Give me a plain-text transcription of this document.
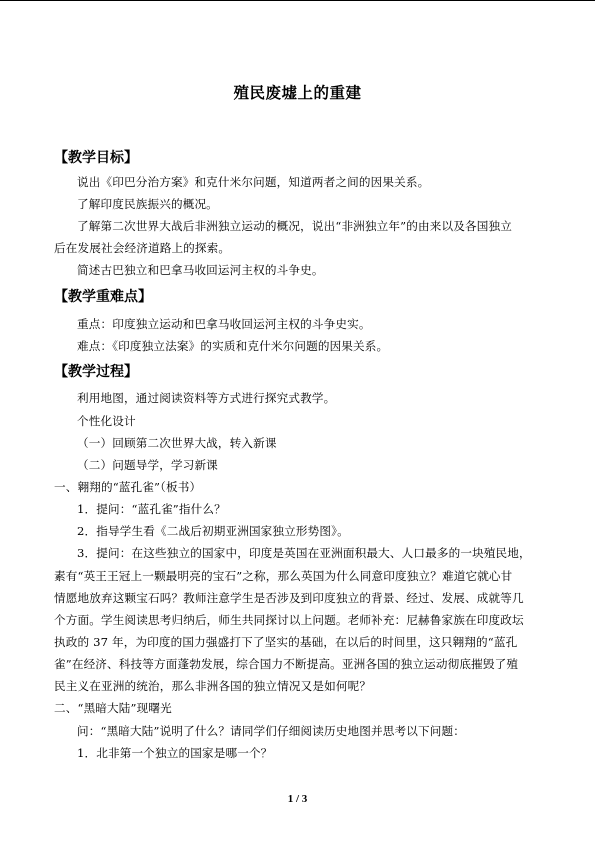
殖民废墟上的重建
【教学目标】
说出《印巴分治方案》和克什米尔问题，知道两者之间的因果关系。
了解印度民族振兴的概况。
了解第二次世界大战后非洲独立运动的概况，说出“非洲独立年”的由来以及各国独立
后在发展社会经济道路上的探索。
简述古巴独立和巴拿马收回运河主权的斗争史。
【教学重难点】
重点：印度独立运动和巴拿马收回运河主权的斗争史实。
难点：《印度独立法案》的实质和克什米尔问题的因果关系。
【教学过程】
利用地图，通过阅读资料等方式进行探究式教学。
个性化设计
（一）回顾第二次世界大战，转入新课
（二）问题导学，学习新课
一、翱翔的“蓝孔雀”（板书）
1．提问：“蓝孔雀”指什么？
2．指导学生看《二战后初期亚洲国家独立形势图》。
3．提问：在这些独立的国家中，印度是英国在亚洲面积最大、人口最多的一块殖民地，
素有“英王王冠上一颗最明亮的宝石”之称，那么英国为什么同意印度独立？难道它就心甘
情愿地放弃这颗宝石吗？教师注意学生是否涉及到印度独立的背景、经过、发展、成就等几
个方面。学生阅读思考归纳后，师生共同探讨以上问题。老师补充：尼赫鲁家族在印度政坛
执政的 37 年，为印度的国力强盛打下了坚实的基础，在以后的时间里，这只翱翔的“蓝孔
雀”在经济、科技等方面蓬勃发展，综合国力不断提高。亚洲各国的独立运动彻底摧毁了殖
民主义在亚洲的统治，那么非洲各国的独立情况又是如何呢？
二、“黑暗大陆”现曙光
问：“黑暗大陆”说明了什么？请同学们仔细阅读历史地图并思考以下问题：
1．北非第一个独立的国家是哪一个？
1 / 3
